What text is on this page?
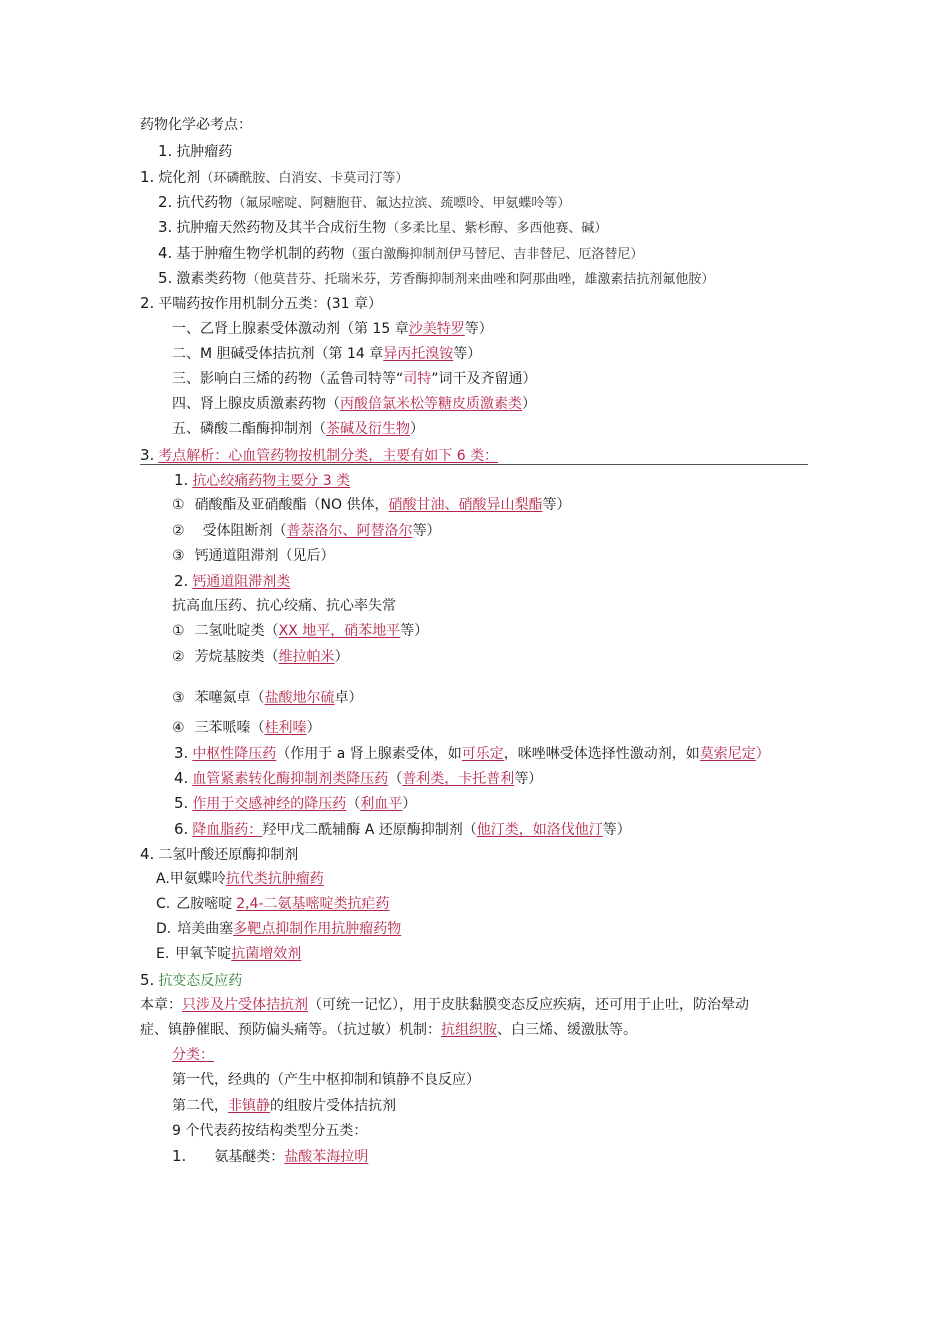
药物化学必考点：
1. 抗肿瘤药
1. 烷化剂（环磷酰胺、白消安、卡莫司汀等）
2. 抗代药物（氟尿嘧啶、阿糖胞苷、氟达拉滨、巯嘌呤、甲氨蝶呤等）
3. 抗肿瘤天然药物及其半合成衍生物（多柔比星、紫杉醇、多西他赛、碱）
4. 基于肿瘤生物学机制的药物（蛋白激酶抑制剂伊马替尼、吉非替尼、厄洛替尼）
5. 激素类药物（他莫昔芬、托瑞米芬，芳香酶抑制剂来曲唑和阿那曲唑，雄激素拮抗剂氟他胺）
2. 平喘药按作用机制分五类：(31 章）
一、乙肾上腺素受体激动剂（第 15 章沙美特罗等）
二、M 胆碱受体拮抗剂（第 14 章异丙托溴铵等）
三、影响白三烯的药物（孟鲁司特等“司特”词干及齐留通）
四、肾上腺皮质激素药物（丙酸倍氯米松等糖皮质激素类）
五、磷酸二酯酶抑制剂（茶碱及衍生物）
3. 考点解析：心血管药物按机制分类，主要有如下 6 类：
1. 抗心绞痛药物主要分 3 类
① 硝酸酯及亚硝酸酯（NO 供体，硝酸甘油、硝酸异山梨酯等）
② 受体阻断剂（普萘洛尔、阿替洛尔等）
③ 钙通道阻滞剂（见后）
2. 钙通道阻滞剂类
抗高血压药、抗心绞痛、抗心率失常
① 二氢吡啶类（XX 地平，硝苯地平等）
② 芳烷基胺类（维拉帕米）
③ 苯噻氮卓（盐酸地尔硫卓）
④ 三苯哌嗪（桂利嗪）
3. 中枢性降压药（作用于 a 肾上腺素受体，如可乐定，咪唑啉受体选择性激动剂，如莫索尼定）
4. 血管紧素转化酶抑制剂类降压药（普利类，卡托普利等）
5. 作用于交感神经的降压药（利血平）
6. 降血脂药：羟甲戊二酰辅酶 A 还原酶抑制剂（他汀类，如洛伐他汀等）
4. 二氢叶酸还原酶抑制剂
A.甲氨蝶呤抗代类抗肿瘤药
C. 乙胺嘧啶 2,4-二氨基嘧啶类抗疟药
D. 培美曲塞多靶点抑制作用抗肿瘤药物
E. 甲氧苄啶抗菌增效剂
5. 抗变态反应药
本章：只涉及片受体拮抗剂（可统一记忆），用于皮肤黏膜变态反应疾病，还可用于止吐，防治晕动
症、镇静催眠、预防偏头痛等。（抗过敏）机制：抗组织胺、白三烯、缓激肽等。
分类：
第一代，经典的（产生中枢抑制和镇静不良反应）
第二代，非镇静的组胺片受体拮抗剂
9 个代表药按结构类型分五类：
1. 氨基醚类：盐酸苯海拉明
